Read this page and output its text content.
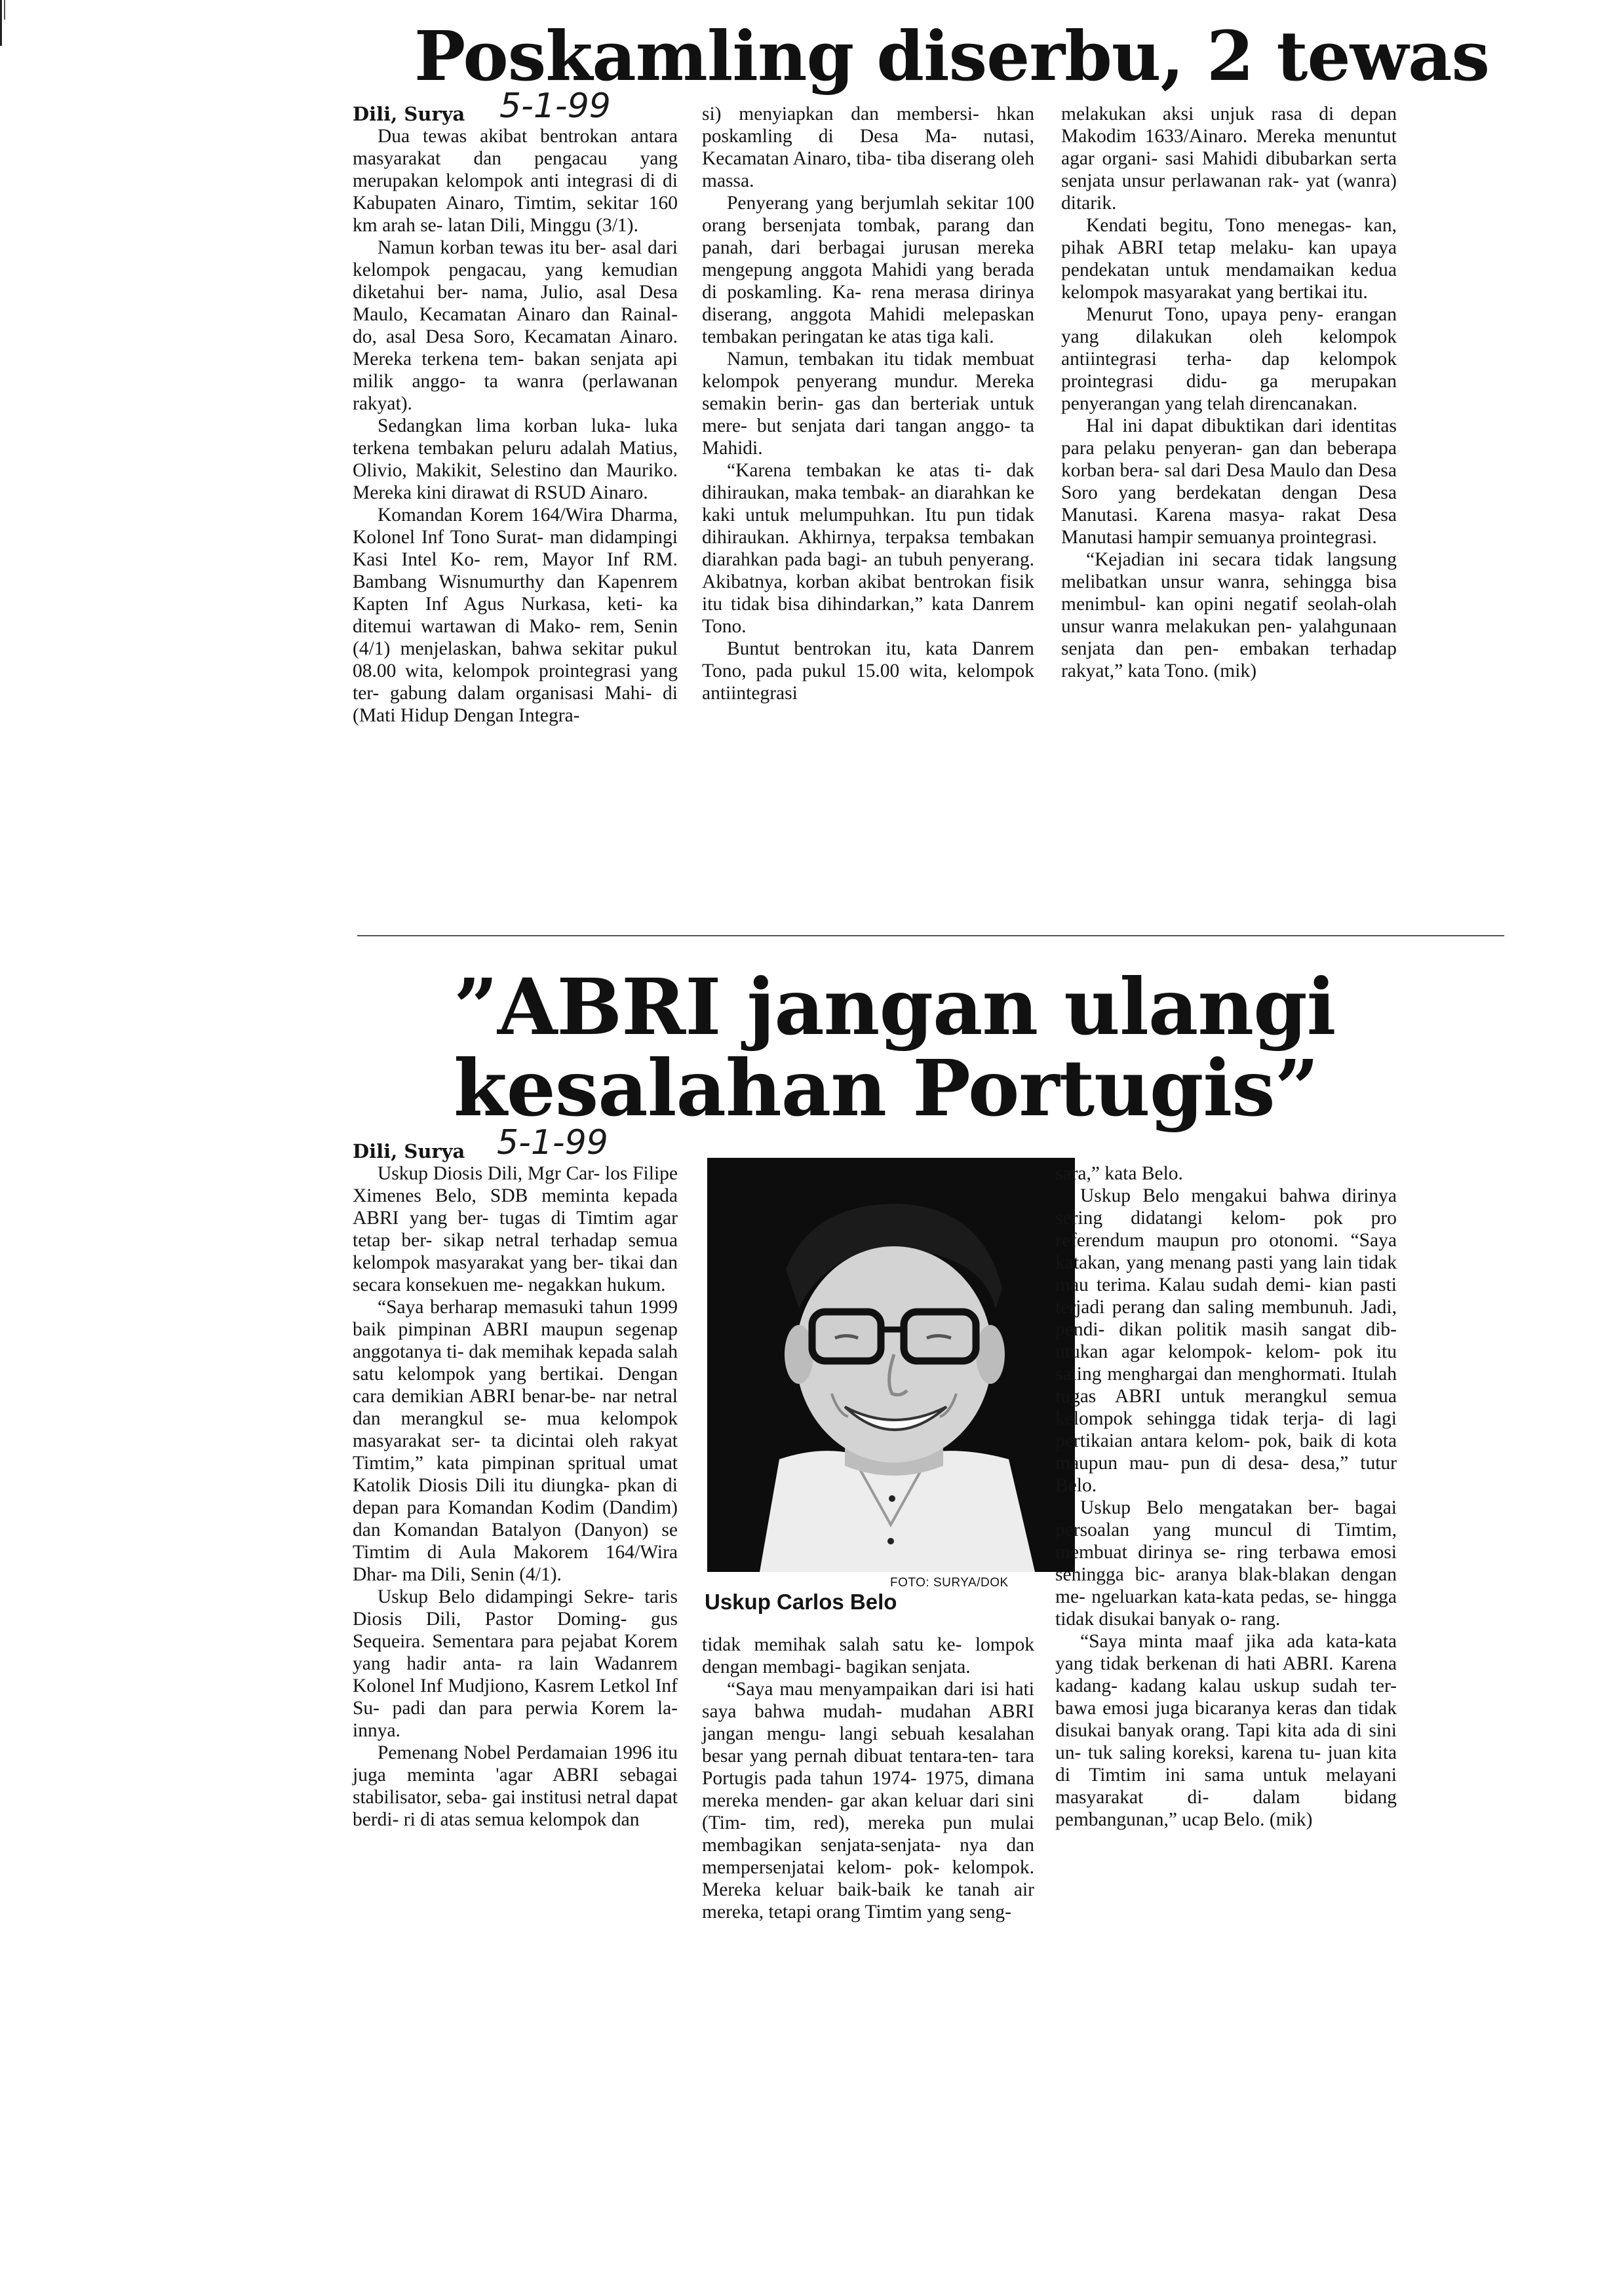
Poskamling diserbu, 2 tewas
Dili, Surya 5-1-99

Dua tewas akibat bentrokan antara masyarakat dan pengacau yang merupakan kelompok anti integrasi di di Kabupaten Ainaro, Timtim, sekitar 160 km arah se- latan Dili, Minggu (3/1).

Namun korban tewas itu ber- asal dari kelompok pengacau, yang kemudian diketahui ber- nama, Julio, asal Desa Maulo, Kecamatan Ainaro dan Rainal- do, asal Desa Soro, Kecamatan Ainaro. Mereka terkena tem- bakan senjata api milik anggo- ta wanra (perlawanan rakyat).

Sedangkan lima korban luka- luka terkena tembakan peluru adalah Matius, Olivio, Makikit, Selestino dan Mauriko. Mereka kini dirawat di RSUD Ainaro.

Komandan Korem 164/Wira Dharma, Kolonel Inf Tono Surat- man didampingi Kasi Intel Ko- rem, Mayor Inf RM. Bambang Wisnumurthy dan Kapenrem Kapten Inf Agus Nurkasa, keti- ka ditemui wartawan di Mako- rem, Senin (4/1) menjelaskan, bahwa sekitar pukul 08.00 wita, kelompok prointegrasi yang ter- gabung dalam organisasi Mahi- di (Mati Hidup Dengan Integra-

si) menyiapkan dan membersi- hkan poskamling di Desa Ma- nutasi, Kecamatan Ainaro, tiba- tiba diserang oleh massa.

Penyerang yang berjumlah sekitar 100 orang bersenjata tombak, parang dan panah, dari berbagai jurusan mereka mengepung anggota Mahidi yang berada di poskamling. Ka- rena merasa dirinya diserang, anggota Mahidi melepaskan tembakan peringatan ke atas tiga kali.

Namun, tembakan itu tidak membuat kelompok penyerang mundur. Mereka semakin berin- gas dan berteriak untuk mere- but senjata dari tangan anggo- ta Mahidi.

“Karena tembakan ke atas ti- dak dihiraukan, maka tembak- an diarahkan ke kaki untuk melumpuhkan. Itu pun tidak dihiraukan. Akhirnya, terpaksa tembakan diarahkan pada bagi- an tubuh penyerang. Akibatnya, korban akibat bentrokan fisik itu tidak bisa dihindarkan,” kata Danrem Tono.

Buntut bentrokan itu, kata Danrem Tono, pada pukul 15.00 wita, kelompok antiintegrasi

melakukan aksi unjuk rasa di depan Makodim 1633/Ainaro. Mereka menuntut agar organi- sasi Mahidi dibubarkan serta senjata unsur perlawanan rak- yat (wanra) ditarik.

Kendati begitu, Tono menegas- kan, pihak ABRI tetap melaku- kan upaya pendekatan untuk mendamaikan kedua kelompok masyarakat yang bertikai itu.

Menurut Tono, upaya peny- erangan yang dilakukan oleh kelompok antiintegrasi terha- dap kelompok prointegrasi didu- ga merupakan penyerangan yang telah direncanakan.

Hal ini dapat dibuktikan dari identitas para pelaku penyeran- gan dan beberapa korban bera- sal dari Desa Maulo dan Desa Soro yang berdekatan dengan Desa Manutasi. Karena masya- rakat Desa Manutasi hampir semuanya prointegrasi.

“Kejadian ini secara tidak langsung melibatkan unsur wanra, sehingga bisa menimbul- kan opini negatif seolah-olah unsur wanra melakukan pen- yalahgunaan senjata dan pen- embakan terhadap rakyat,” kata Tono. (mik)

”ABRI jangan ulangi
kesalahan Portugis”
Dili, Surya 5-1-99

Uskup Diosis Dili, Mgr Car- los Filipe Ximenes Belo, SDB meminta kepada ABRI yang ber- tugas di Timtim agar tetap ber- sikap netral terhadap semua kelompok masyarakat yang ber- tikai dan secara konsekuen me- negakkan hukum.

“Saya berharap memasuki tahun 1999 baik pimpinan ABRI maupun segenap anggotanya ti- dak memihak kepada salah satu kelompok yang bertikai. Dengan cara demikian ABRI benar-be- nar netral dan merangkul se- mua kelompok masyarakat ser- ta dicintai oleh rakyat Timtim,” kata pimpinan spritual umat Katolik Diosis Dili itu diungka- pkan di depan para Komandan Kodim (Dandim) dan Komandan Batalyon (Danyon) se Timtim di Aula Makorem 164/Wira Dhar- ma Dili, Senin (4/1).

Uskup Belo didampingi Sekre- taris Diosis Dili, Pastor Doming- gus Sequeira. Sementara para pejabat Korem yang hadir anta- ra lain Wadanrem Kolonel Inf Mudjiono, Kasrem Letkol Inf Su- padi dan para perwia Korem la- innya.

Pemenang Nobel Perdamaian 1996 itu juga meminta 'agar ABRI sebagai stabilisator, seba- gai institusi netral dapat berdi- ri di atas semua kelompok dan

FOTO: SURYA/DOK
Uskup Carlos Belo

tidak memihak salah satu ke- lompok dengan membagi- bagikan senjata.

“Saya mau menyampaikan dari isi hati saya bahwa mudah- mudahan ABRI jangan mengu- langi sebuah kesalahan besar yang pernah dibuat tentara-ten- tara Portugis pada tahun 1974- 1975, dimana mereka menden- gar akan keluar dari sini (Tim- tim, red), mereka pun mulai membagikan senjata-senjata- nya dan mempersenjatai kelom- pok- kelompok. Mereka keluar baik-baik ke tanah air mereka, tetapi orang Timtim yang seng-

sara,” kata Belo.

Uskup Belo mengakui bahwa dirinya sering didatangi kelom- pok pro referendum maupun pro otonomi. “Saya katakan, yang menang pasti yang lain tidak mau terima. Kalau sudah demi- kian pasti terjadi perang dan saling membunuh. Jadi, pendi- dikan politik masih sangat dib- utukan agar kelompok- kelom- pok itu saling menghargai dan menghormati. Itulah tugas ABRI untuk merangkul semua kelompok sehingga tidak terja- di lagi pertikaian antara kelom- pok, baik di kota maupun mau- pun di desa- desa,” tutur Belo.

Uskup Belo mengatakan ber- bagai persoalan yang muncul di Timtim, membuat dirinya se- ring terbawa emosi sehingga bic- aranya blak-blakan dengan me- ngeluarkan kata-kata pedas, se- hingga tidak disukai banyak o- rang.

“Saya minta maaf jika ada kata-kata yang tidak berkenan di hati ABRI. Karena kadang- kadang kalau uskup sudah ter- bawa emosi juga bicaranya keras dan tidak disukai banyak orang. Tapi kita ada di sini un- tuk saling koreksi, karena tu- juan kita di Timtim ini sama untuk melayani masyarakat di- dalam bidang pembangunan,” ucap Belo. (mik)
